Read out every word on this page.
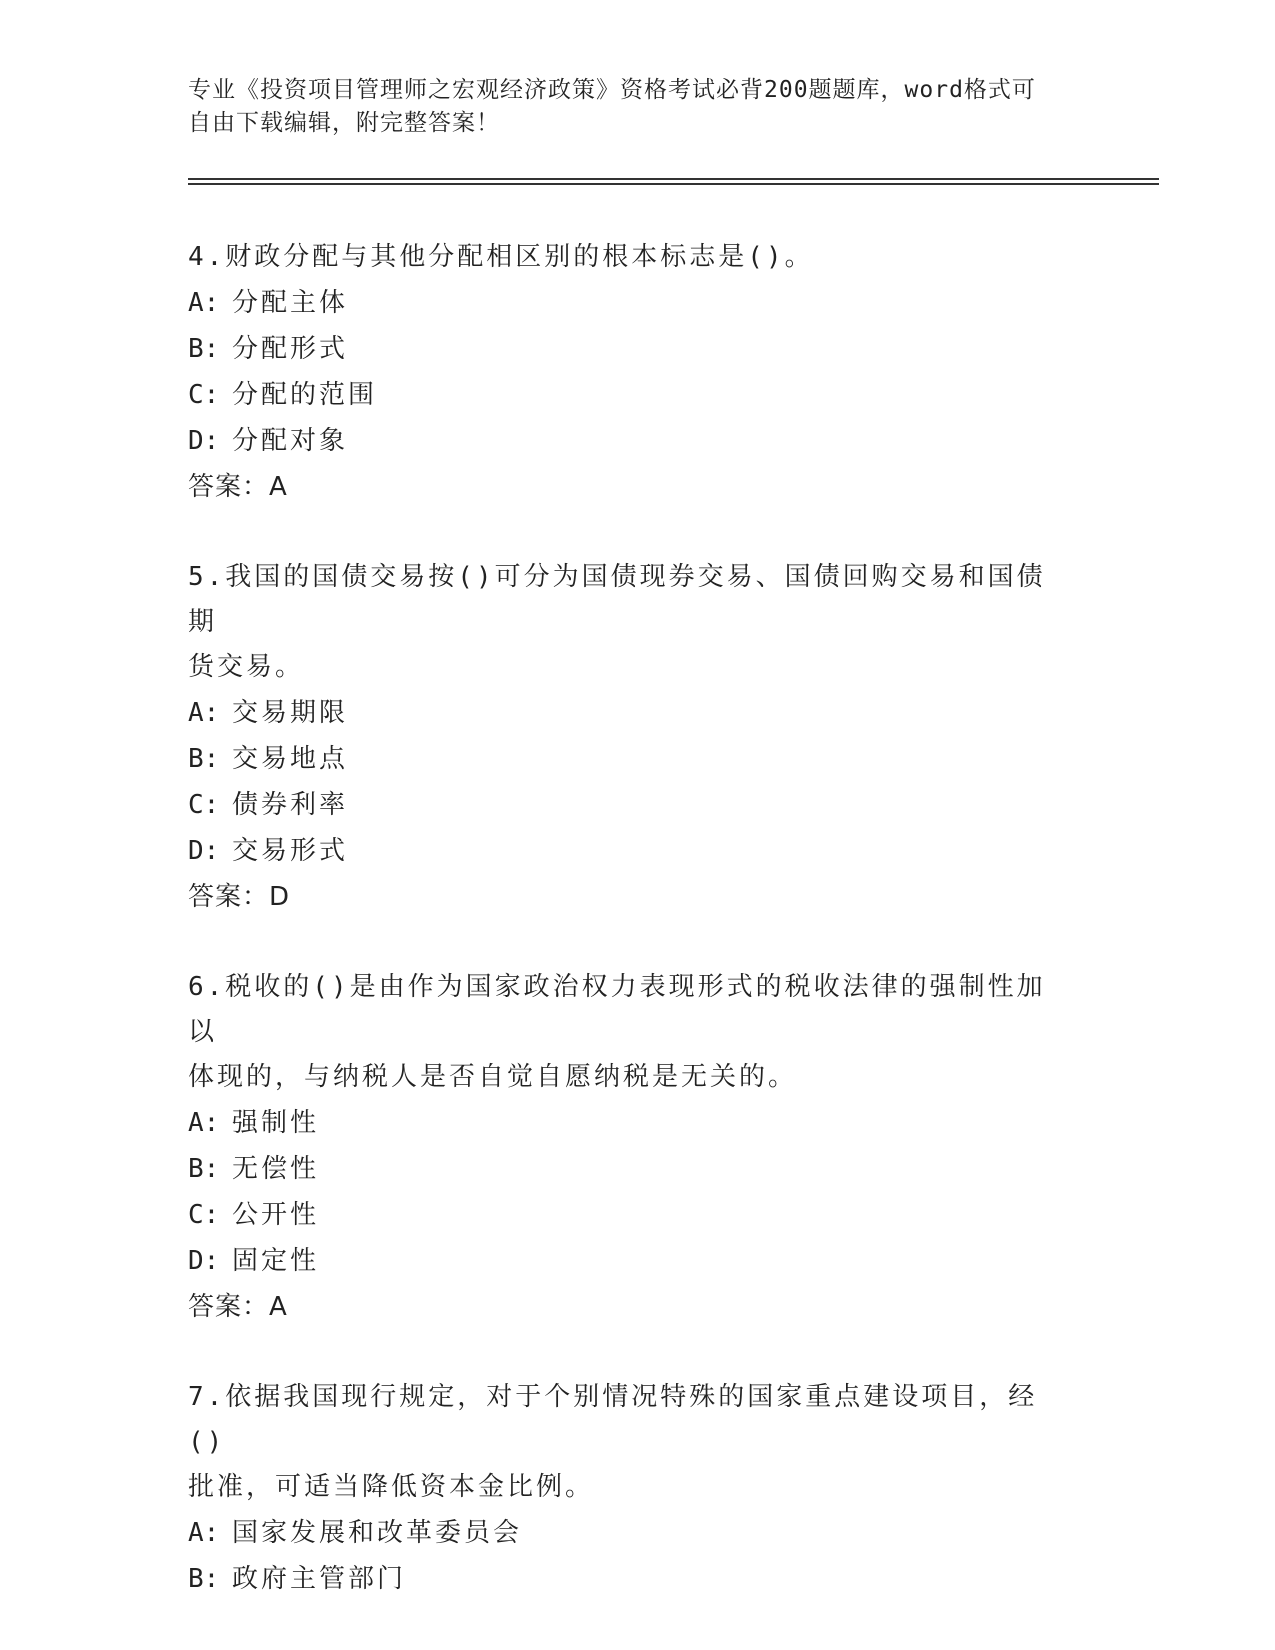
专业《投资项目管理师之宏观经济政策》资格考试必背200题题库，word格式可
自由下载编辑，附完整答案！
4.财政分配与其他分配相区别的根本标志是()。
A: 分配主体
B: 分配形式
C: 分配的范围
D: 分配对象
答案：A
5.我国的国债交易按()可分为国债现券交易、国债回购交易和国债期
货交易。
A: 交易期限
B: 交易地点
C: 债券利率
D: 交易形式
答案：D
6.税收的()是由作为国家政治权力表现形式的税收法律的强制性加以
体现的，与纳税人是否自觉自愿纳税是无关的。
A: 强制性
B: 无偿性
C: 公开性
D: 固定性
答案：A
7.依据我国现行规定，对于个别情况特殊的国家重点建设项目，经()
批准，可适当降低资本金比例。
A: 国家发展和改革委员会
B: 政府主管部门
